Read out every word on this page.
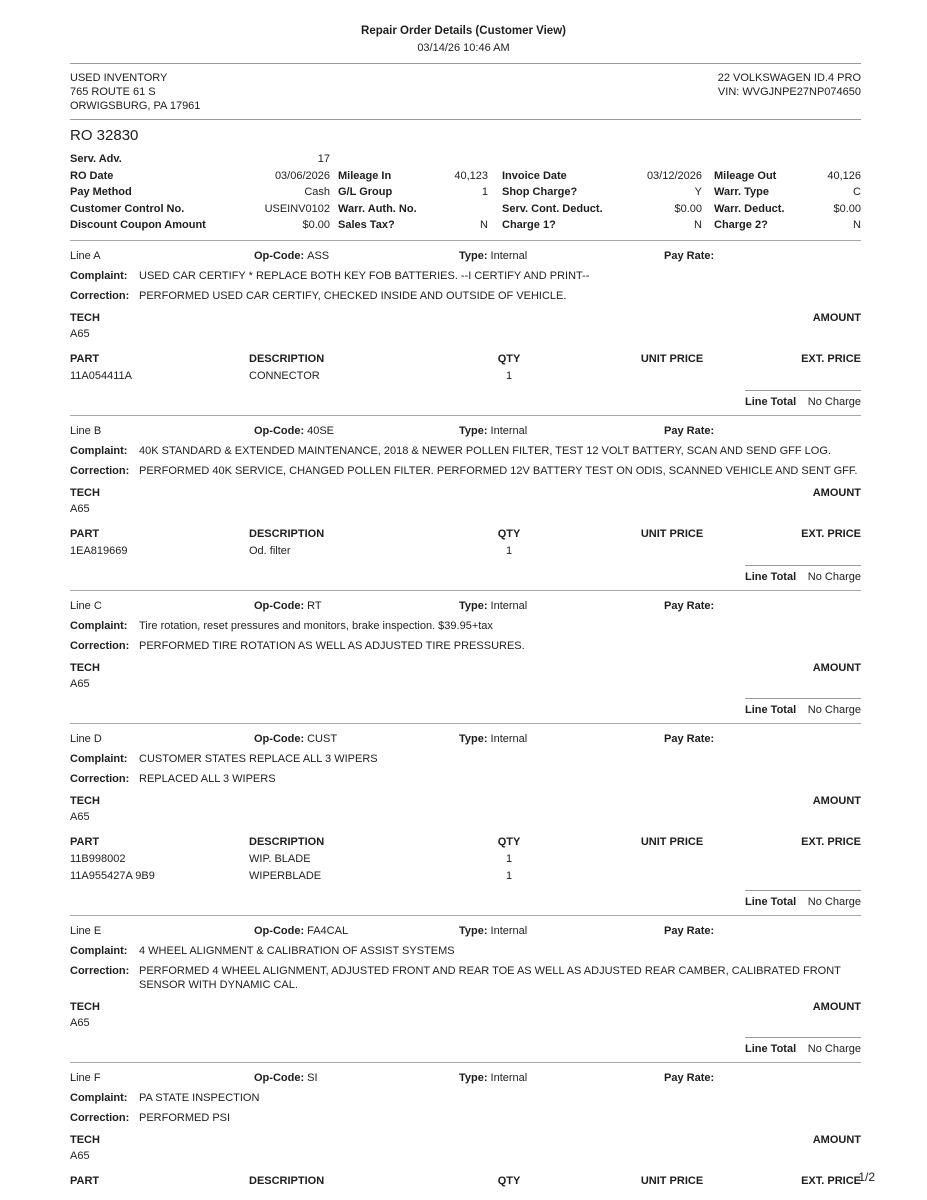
Repair Order Details (Customer View)
03/14/26 10:46 AM
USED INVENTORY
765 ROUTE 61 S
ORWIGSBURG, PA 17961
22 VOLKSWAGEN ID.4 PRO
VIN: WVGJNPE27NP074650
RO 32830
Serv. Adv.	17
RO Date	03/06/2026 Mileage In	40,123	Invoice Date	03/12/2026	Mileage Out	40,126
Pay Method	Cash G/L Group	1	Shop Charge?	Y	Warr. Type	C
Customer Control No.	USEINV0102 Warr. Auth. No.	Serv. Cont. Deduct.	$0.00	Warr. Deduct.	$0.00
Discount Coupon Amount	$0.00 Sales Tax?	N	Charge 1?	N	Charge 2?	N
Line A	Op-Code: ASS	Type: Internal	Pay Rate:
Complaint:	USED CAR CERTIFY * REPLACE BOTH KEY FOB BATTERIES. --I CERTIFY AND PRINT--
Correction: PERFORMED USED CAR CERTIFY, CHECKED INSIDE AND OUTSIDE OF VEHICLE.
TECH	AMOUNT
A65
PART	DESCRIPTION	QTY	UNIT PRICE	EXT. PRICE
11A054411A	CONNECTOR	1
Line Total No Charge
Line B	Op-Code: 40SE	Type: Internal	Pay Rate:
Complaint:	40K STANDARD & EXTENDED MAINTENANCE, 2018 & NEWER POLLEN FILTER, TEST 12 VOLT BATTERY, SCAN AND SEND GFF LOG.
Correction: PERFORMED 40K SERVICE, CHANGED POLLEN FILTER. PERFORMED 12V BATTERY TEST ON ODIS, SCANNED VEHICLE AND SENT GFF.
TECH	AMOUNT
A65
PART	DESCRIPTION	QTY	UNIT PRICE	EXT. PRICE
1EA819669	Od. filter	1
Line Total No Charge
Line C	Op-Code: RT	Type: Internal	Pay Rate:
Complaint:	Tire rotation, reset pressures and monitors, brake inspection. $39.95+tax
Correction: PERFORMED TIRE ROTATION AS WELL AS ADJUSTED TIRE PRESSURES.
TECH	AMOUNT
A65
Line Total No Charge
Line D	Op-Code: CUST	Type: Internal	Pay Rate:
Complaint:	CUSTOMER STATES REPLACE ALL 3 WIPERS
Correction: REPLACED ALL 3 WIPERS
TECH	AMOUNT
A65
PART	DESCRIPTION	QTY	UNIT PRICE	EXT. PRICE
11B998002	WIP. BLADE	1
11A955427A 9B9	WIPERBLADE	1
Line Total No Charge
Line E	Op-Code: FA4CAL	Type: Internal	Pay Rate:
Complaint:	4 WHEEL ALIGNMENT & CALIBRATION OF ASSIST SYSTEMS
Correction: PERFORMED 4 WHEEL ALIGNMENT, ADJUSTED FRONT AND REAR TOE AS WELL AS ADJUSTED REAR CAMBER, CALIBRATED FRONT SENSOR WITH DYNAMIC CAL.
TECH	AMOUNT
A65
Line Total No Charge
Line F	Op-Code: SI	Type: Internal	Pay Rate:
Complaint:	PA STATE INSPECTION
Correction: PERFORMED PSI
TECH	AMOUNT
A65
PART	DESCRIPTION	QTY	UNIT PRICE	EXT. PRICE
1/2
